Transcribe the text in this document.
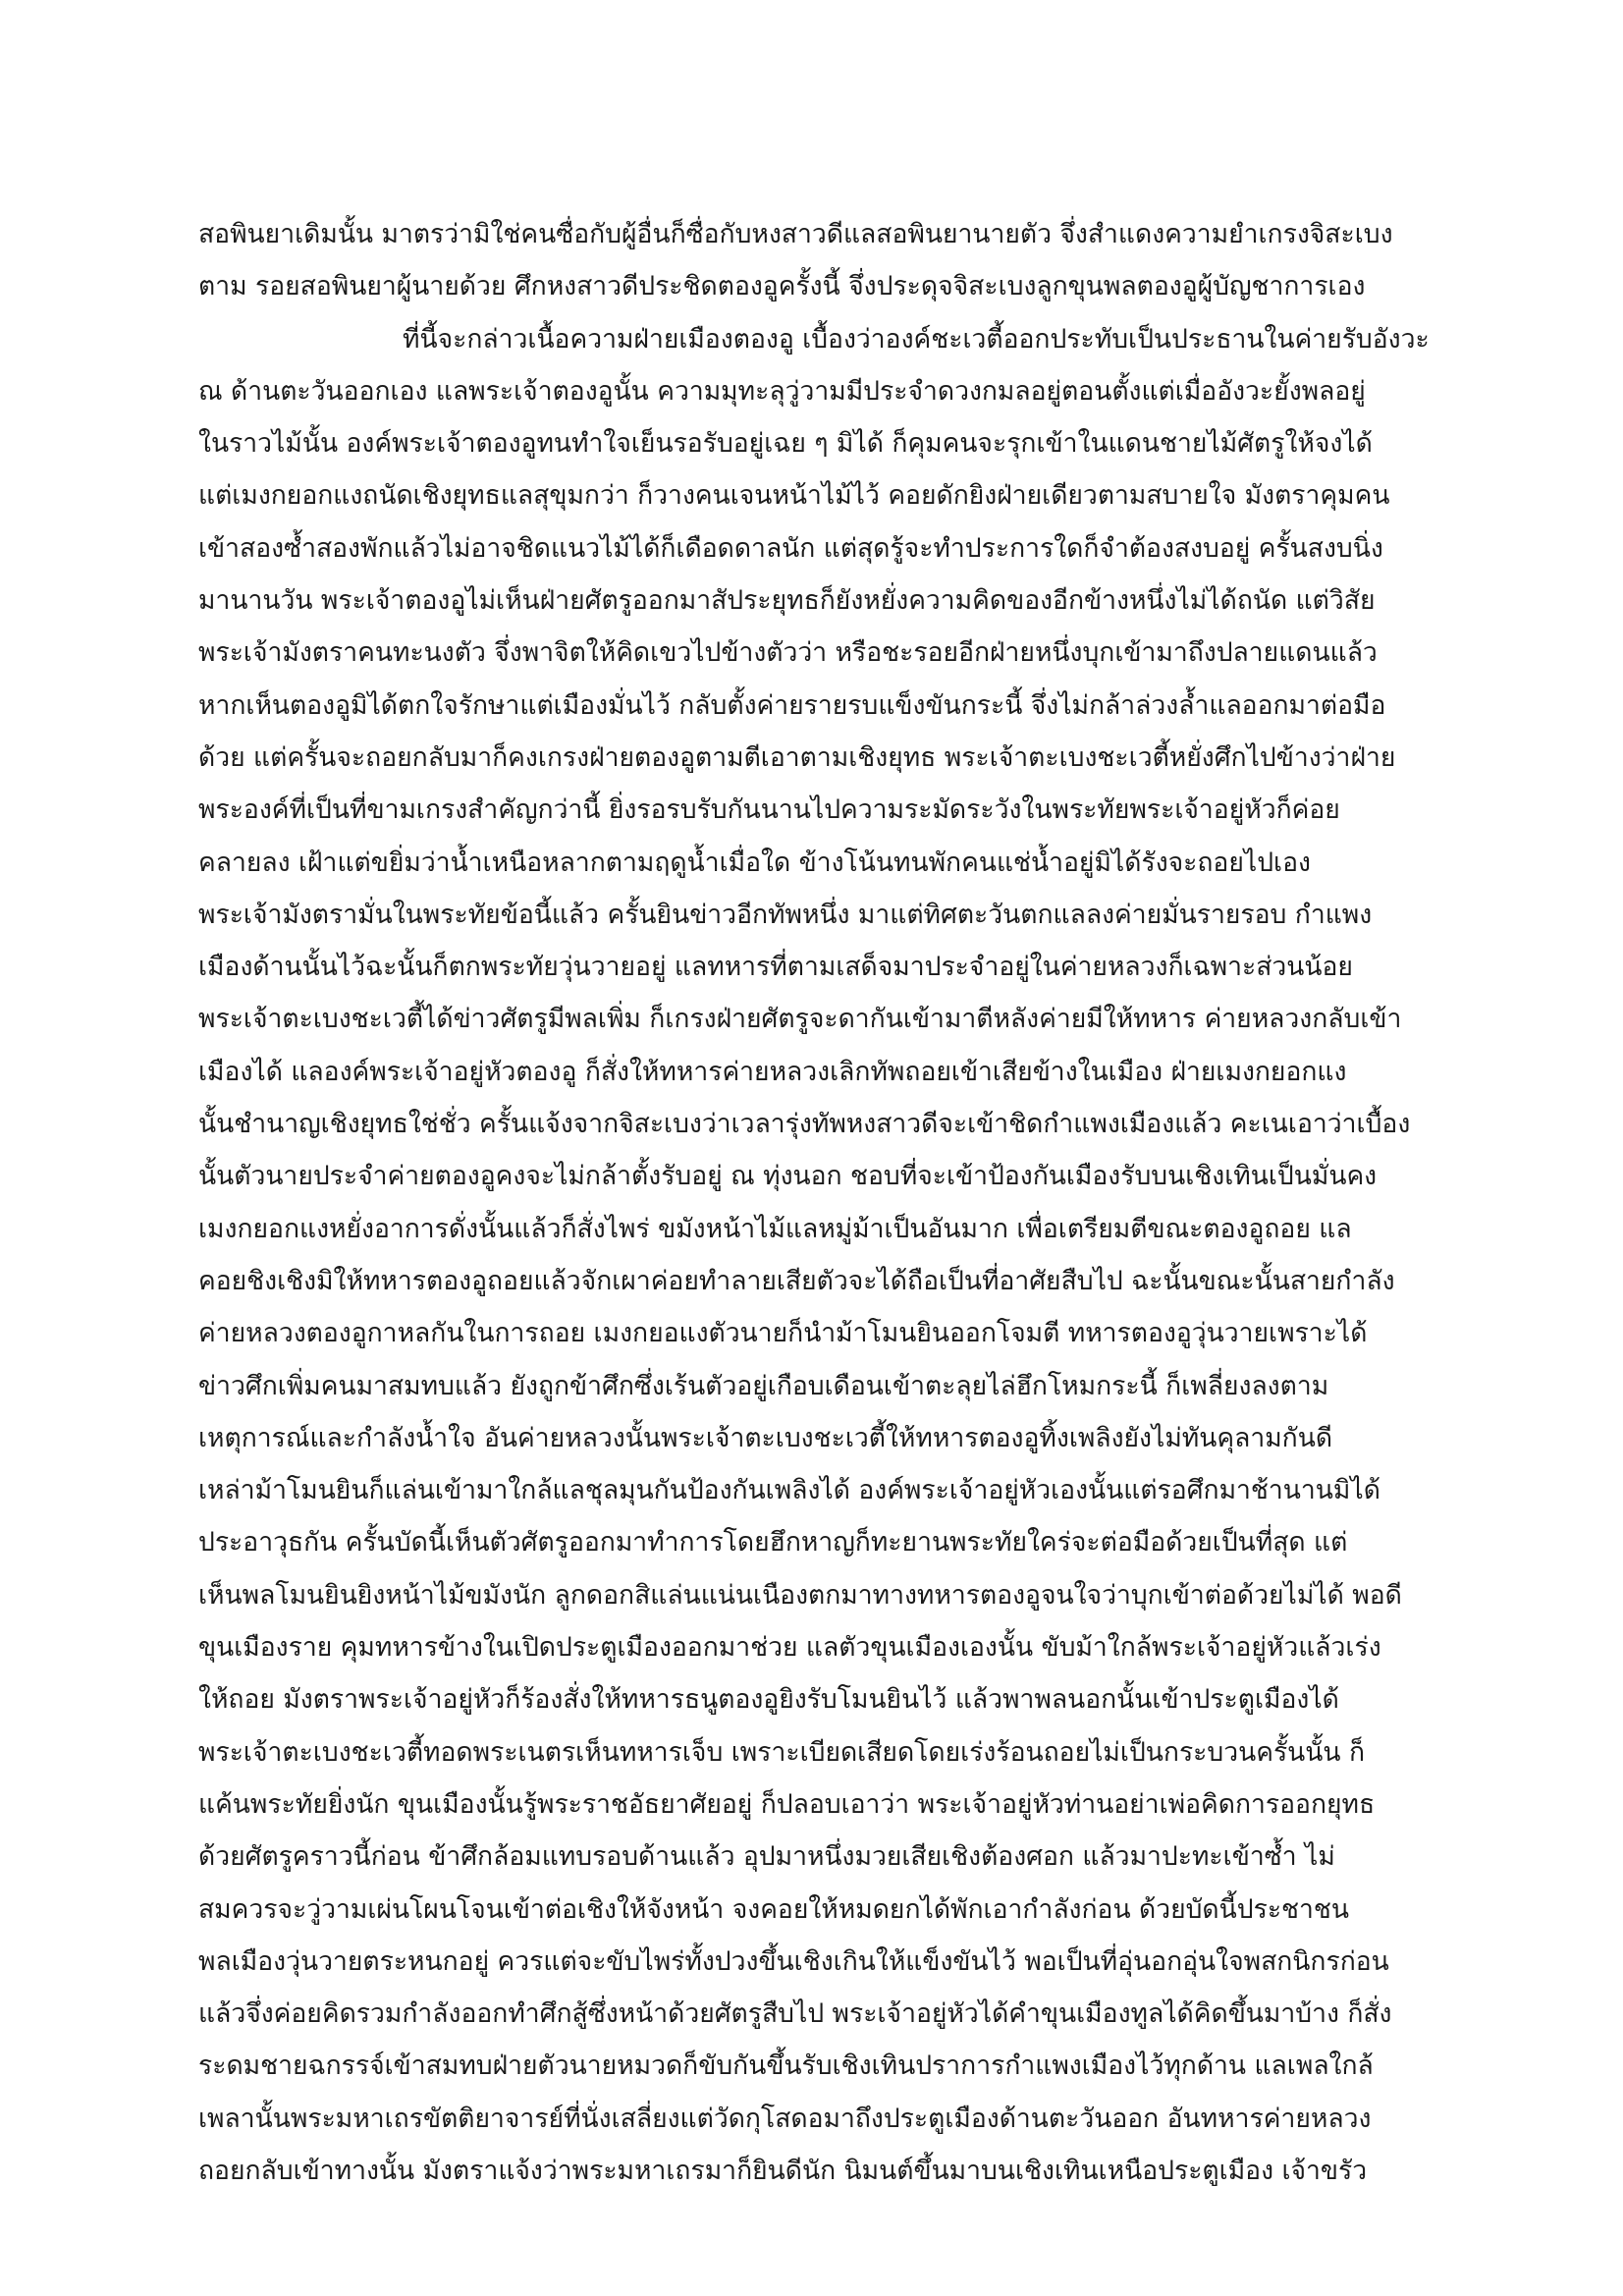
สอพินยาเดิมนั้น มาตรว่ามิใช่คนซื่อกับผู้อื่นก็ซื่อกับหงสาวดีแลสอพินยานายตัว จึ่งสำแดงความยำเกรงจิสะเบง
ตาม รอยสอพินยาผู้นายด้วย ศึกหงสาวดีประชิดตองอูครั้งนี้ จึ่งประดุจจิสะเบงลูกขุนพลตองอูผู้บัญชาการเอง
ที่นี้จะกล่าวเนื้อความฝ่ายเมืองตองอู เบื้องว่าองค์ชะเวตี้ออกประทับเป็นประธานในค่ายรับอังวะ
ณ ด้านตะวันออกเอง แลพระเจ้าตองอูนั้น ความมุทะลุวู่วามมีประจำดวงกมลอยู่ตอนตั้งแต่เมื่ออังวะยั้งพลอยู่
ในราวไม้นั้น องค์พระเจ้าตองอูทนทำใจเย็นรอรับอยู่เฉย ๆ มิได้ ก็คุมคนจะรุกเข้าในแดนชายไม้ศัตรูให้จงได้
แต่เมงกยอกแงถนัดเชิงยุทธแลสุขุมกว่า ก็วางคนเจนหน้าไม้ไว้ คอยดักยิงฝ่ายเดียวตามสบายใจ มังตราคุมคน
เข้าสองซ้ำสองพักแล้วไม่อาจชิดแนวไม้ได้ก็เดือดดาลนัก แต่สุดรู้จะทำประการใดก็จำต้องสงบอยู่ ครั้นสงบนิ่ง
มานานวัน พระเจ้าตองอูไม่เห็นฝ่ายศัตรูออกมาสัประยุทธก็ยังหยั่งความคิดของอีกข้างหนึ่งไม่ได้ถนัด แต่วิสัย
พระเจ้ามังตราคนทะนงตัว จึ่งพาจิตให้คิดเขวไปข้างตัวว่า หรือชะรอยอีกฝ่ายหนึ่งบุกเข้ามาถึงปลายแดนแล้ว
หากเห็นตองอูมิได้ตกใจรักษาแต่เมืองมั่นไว้ กลับตั้งค่ายรายรบแข็งขันกระนี้ จึ่งไม่กล้าล่วงล้ำแลออกมาต่อมือ
ด้วย แต่ครั้นจะถอยกลับมาก็คงเกรงฝ่ายตองอูตามตีเอาตามเชิงยุทธ พระเจ้าตะเบงชะเวตี้หยั่งศึกไปข้างว่าฝ่าย
พระองค์ที่เป็นที่ขามเกรงสำคัญกว่านี้ ยิ่งรอรบรับกันนานไปความระมัดระวังในพระทัยพระเจ้าอยู่หัวก็ค่อย
คลายลง เฝ้าแต่ขยิ่มว่าน้ำเหนือหลากตามฤดูน้ำเมื่อใด ข้างโน้นทนพักคนแช่น้ำอยู่มิได้รังจะถอยไปเอง
พระเจ้ามังตรามั่นในพระทัยข้อนี้แล้ว ครั้นยินข่าวอีกทัพหนึ่ง มาแต่ทิศตะวันตกแลลงค่ายมั่นรายรอบ กำแพง
เมืองด้านนั้นไว้ฉะนั้นก็ตกพระทัยวุ่นวายอยู่ แลทหารที่ตามเสด็จมาประจำอยู่ในค่ายหลวงก็เฉพาะส่วนน้อย
พระเจ้าตะเบงชะเวตี้ได้ข่าวศัตรูมีพลเพิ่ม ก็เกรงฝ่ายศัตรูจะดากันเข้ามาตีหลังค่ายมีให้ทหาร ค่ายหลวงกลับเข้า
เมืองได้ แลองค์พระเจ้าอยู่หัวตองอู ก็สั่งให้ทหารค่ายหลวงเลิกทัพถอยเข้าเสียข้างในเมือง ฝ่ายเมงกยอกแง
นั้นชำนาญเชิงยุทธใช่ชั่ว ครั้นแจ้งจากจิสะเบงว่าเวลารุ่งทัพหงสาวดีจะเข้าชิดกำแพงเมืองแล้ว คะเนเอาว่าเบื้อง
นั้นตัวนายประจำค่ายตองอูคงจะไม่กล้าตั้งรับอยู่ ณ ทุ่งนอก ชอบที่จะเข้าป้องกันเมืองรับบนเชิงเทินเป็นมั่นคง
เมงกยอกแงหยั่งอาการดั่งนั้นแล้วก็สั่งไพร่ ขมังหน้าไม้แลหมู่ม้าเป็นอันมาก เพื่อเตรียมตีขณะตองอูถอย แล
คอยชิงเชิงมิให้ทหารตองอูถอยแล้วจักเผาค่อยทำลายเสียตัวจะได้ถือเป็นที่อาศัยสืบไป ฉะนั้นขณะนั้นสายกำลัง
ค่ายหลวงตองอูกาหลกันในการถอย เมงกยอแงตัวนายก็นำม้าโมนยินออกโจมตี ทหารตองอูวุ่นวายเพราะได้
ข่าวศึกเพิ่มคนมาสมทบแล้ว ยังถูกข้าศึกซึ่งเร้นตัวอยู่เกือบเดือนเข้าตะลุยไล่ฮึกโหมกระนี้ ก็เพลี่ยงลงตาม
เหตุการณ์และกำลังน้ำใจ อันค่ายหลวงนั้นพระเจ้าตะเบงชะเวตี้ให้ทหารตองอูทิ้งเพลิงยังไม่ทันคุลามกันดี
เหล่าม้าโมนยินก็แล่นเข้ามาใกล้แลชุลมุนกันป้องกันเพลิงได้ องค์พระเจ้าอยู่หัวเองนั้นแต่รอศึกมาช้านานมิได้
ประอาวุธกัน ครั้นบัดนี้เห็นตัวศัตรูออกมาทำการโดยฮึกหาญก็ทะยานพระทัยใคร่จะต่อมือด้วยเป็นที่สุด แต่
เห็นพลโมนยินยิงหน้าไม้ขมังนัก ลูกดอกสิแล่นแน่นเนืองตกมาทางทหารตองอูจนใจว่าบุกเข้าต่อด้วยไม่ได้ พอดี
ขุนเมืองราย คุมทหารข้างในเปิดประตูเมืองออกมาช่วย แลตัวขุนเมืองเองนั้น ขับม้าใกล้พระเจ้าอยู่หัวแล้วเร่ง
ให้ถอย มังตราพระเจ้าอยู่หัวก็ร้องสั่งให้ทหารธนูตองอูยิงรับโมนยินไว้ แล้วพาพลนอกนั้นเข้าประตูเมืองได้
พระเจ้าตะเบงชะเวตี้ทอดพระเนตรเห็นทหารเจ็บ เพราะเบียดเสียดโดยเร่งร้อนถอยไม่เป็นกระบวนครั้นนั้น ก็
แค้นพระทัยยิ่งนัก ขุนเมืองนั้นรู้พระราชอัธยาศัยอยู่ ก็ปลอบเอาว่า พระเจ้าอยู่หัวท่านอย่าเพ่อคิดการออกยุทธ
ด้วยศัตรูคราวนี้ก่อน ข้าศึกล้อมแทบรอบด้านแล้ว อุปมาหนึ่งมวยเสียเชิงต้องศอก แล้วมาปะทะเข้าซ้ำ ไม่
สมควรจะวู่วามเผ่นโผนโจนเข้าต่อเชิงให้จังหน้า จงคอยให้หมดยกได้พักเอากำลังก่อน ด้วยบัดนี้ประชาชน
พลเมืองวุ่นวายตระหนกอยู่ ควรแต่จะขับไพร่ทั้งปวงขึ้นเชิงเกินให้แข็งขันไว้ พอเป็นที่อุ่นอกอุ่นใจพสกนิกรก่อน
แล้วจึ่งค่อยคิดรวมกำลังออกทำศึกสู้ซึ่งหน้าด้วยศัตรูสืบไป พระเจ้าอยู่หัวได้คำขุนเมืองทูลได้คิดขึ้นมาบ้าง ก็สั่ง
ระดมชายฉกรรจ์เข้าสมทบฝ่ายตัวนายหมวดก็ขับกันขึ้นรับเชิงเทินปราการกำแพงเมืองไว้ทุกด้าน แลเพลใกล้
เพลานั้นพระมหาเถรขัตติยาจารย์ที่นั่งเสลี่ยงแต่วัดกุโสดอมาถึงประตูเมืองด้านตะวันออก อันทหารค่ายหลวง
ถอยกลับเข้าทางนั้น มังตราแจ้งว่าพระมหาเถรมาก็ยินดีนัก นิมนต์ขึ้นมาบนเชิงเทินเหนือประตูเมือง เจ้าขรัว
